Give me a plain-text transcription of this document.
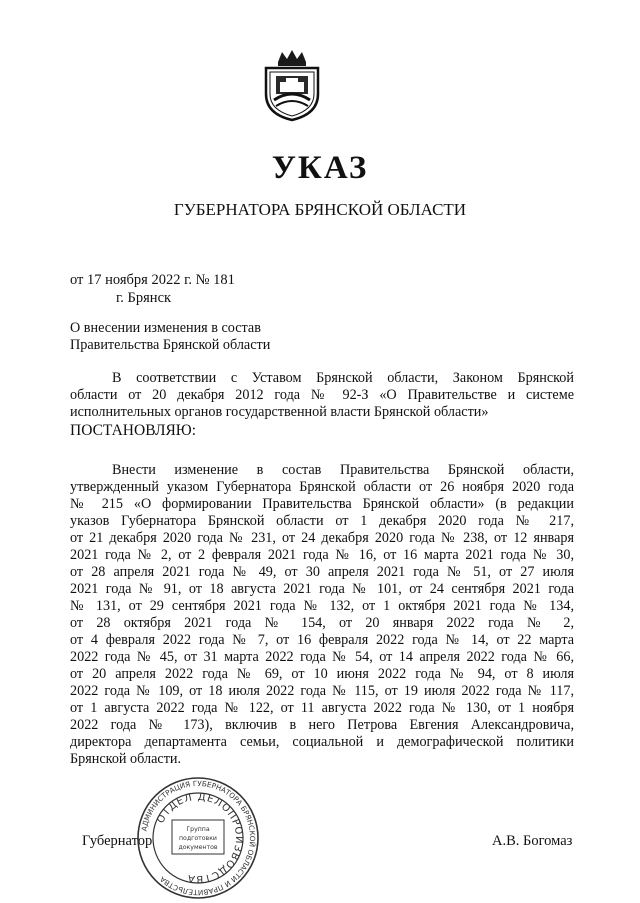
УКАЗ
ГУБЕРНАТОРА БРЯНСКОЙ ОБЛАСТИ
от 17 ноября 2022 г. № 181
г. Брянск
О внесении изменения в состав
Правительства Брянской области
В соответствии с Уставом Брянской области, Законом Брянской
области от 20 декабря 2012 года № 92-З «О Правительстве и системе
исполнительных органов государственной власти Брянской области»
ПОСТАНОВЛЯЮ:
Внести изменение в состав Правительства Брянской области,
утвержденный указом Губернатора Брянской области от 26 ноября 2020 года
№ 215 «О формировании Правительства Брянской области» (в редакции
указов Губернатора Брянской области от 1 декабря 2020 года № 217,
от 21 декабря 2020 года № 231, от 24 декабря 2020 года № 238, от 12 января
2021 года № 2, от 2 февраля 2021 года № 16, от 16 марта 2021 года № 30,
от 28 апреля 2021 года № 49, от 30 апреля 2021 года № 51, от 27 июля
2021 года № 91, от 18 августа 2021 года № 101, от 24 сентября 2021 года
№ 131, от 29 сентября 2021 года № 132, от 1 октября 2021 года № 134,
от 28 октября 2021 года № 154, от 20 января 2022 года № 2,
от 4 февраля 2022 года № 7, от 16 февраля 2022 года № 14, от 22 марта
2022 года № 45, от 31 марта 2022 года № 54, от 14 апреля 2022 года № 66,
от 20 апреля 2022 года № 69, от 10 июня 2022 года № 94, от 8 июля
2022 года № 109, от 18 июля 2022 года № 115, от 19 июля 2022 года № 117,
от 1 августа 2022 года № 122, от 11 августа 2022 года № 130, от 1 ноября
2022 года № 173), включив в него Петрова Евгения Александровича,
директора департамента семьи, социальной и демографической политики
Брянской области.
Губернатор	А.В. Богомаз
АДМИНИСТРАЦИЯ ГУБЕРНАТОРА БРЯНСКОЙ ОБЛАСТИ И ПРАВИТЕЛЬСТВА
ОТДЕЛ ДЕЛОПРОИЗВОДСТВА
Группа
подготовки
документов
